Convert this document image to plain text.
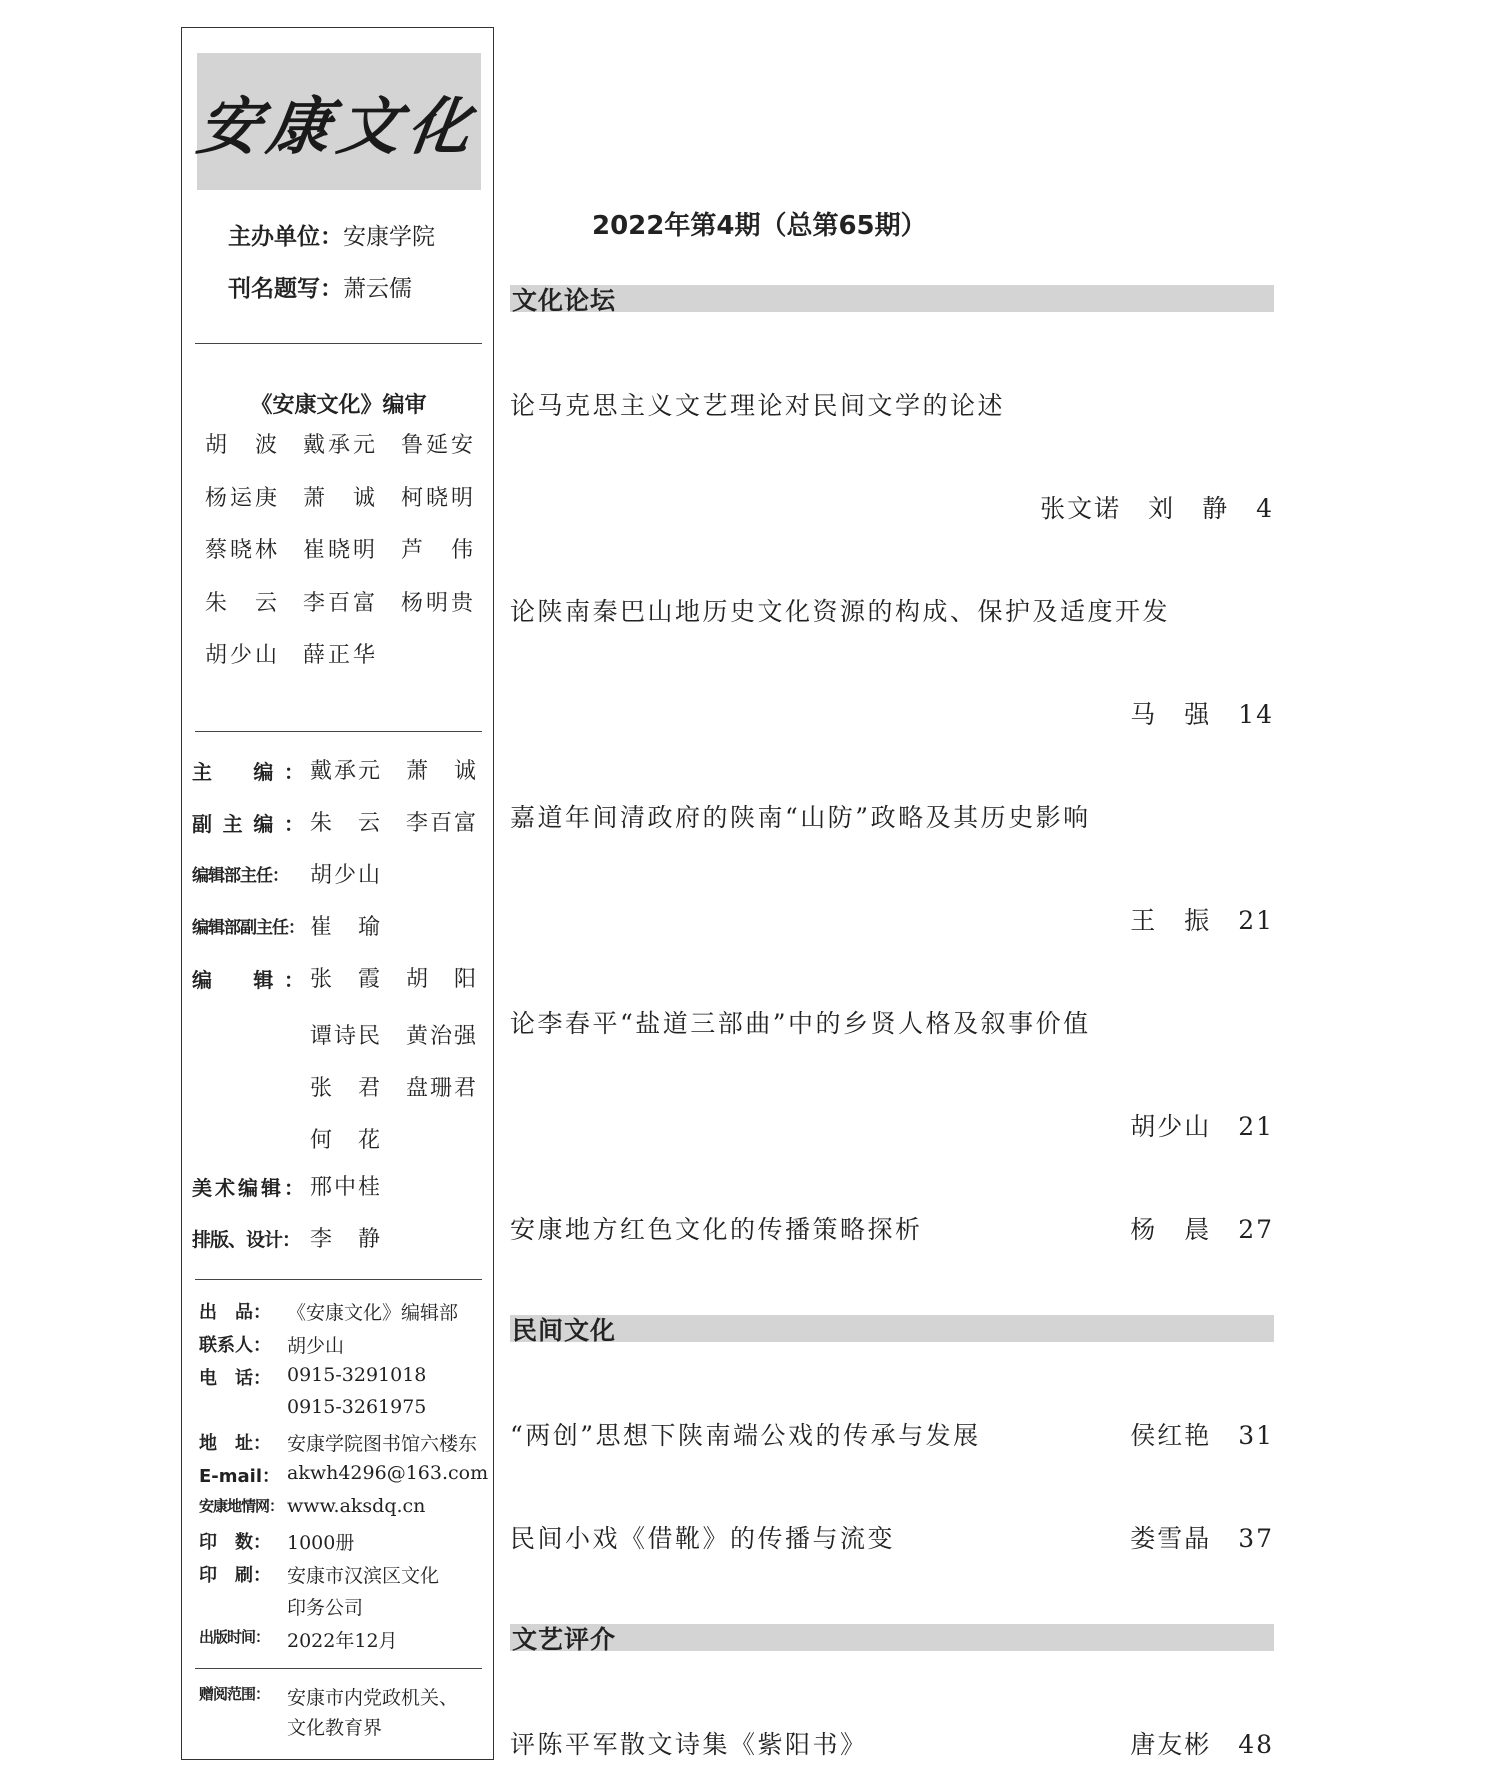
安康文化
主办单位：安康学院
刊名题写：萧云儒
《安康文化》编审
胡　波	戴承元	鲁延安
杨运庚	萧　诚	柯晓明
蔡晓林	崔晓明	芦　伟
朱　云	李百富	杨明贵
胡少山	薛正华
主　编： 戴承元　萧　诚
副主编： 朱　云　李百富
编辑部主任：	胡少山
编辑部副主任： 崔　瑜
编　辑： 张　霞　胡　阳
谭诗民　黄治强
张　君　盘珊君
何　花
美术编辑： 邢中桂
排版、设计： 李　静
出　品： 《安康文化》编辑部
联系人： 胡少山
电　话： 0915-3291018
0915-3261975
地　址： 安康学院图书馆六楼东
E-mail： akwh4296@163.com
安康地情网： www.aksdq.cn
印　数： 1000册
印　刷： 安康市汉滨区文化
印务公司
出版时间： 2022年12月
赠阅范围： 安康市内党政机关、
文化教育界
2022年第4期（总第65期）
文化论坛
论马克思主义文艺理论对民间文学的论述
张文诺　刘　静　4
论陕南秦巴山地历史文化资源的构成、保护及适度开发
马　强　14
嘉道年间清政府的陕南“山防”政略及其历史影响
王　振　21
论李春平“盐道三部曲”中的乡贤人格及叙事价值
胡少山　21
安康地方红色文化的传播策略探析	杨　晨　27
民间文化
“两创”思想下陕南端公戏的传承与发展	侯红艳　31
民间小戏《借靴》的传播与流变	娄雪晶　37
文艺评介
评陈平军散文诗集《紫阳书》	唐友彬　48
